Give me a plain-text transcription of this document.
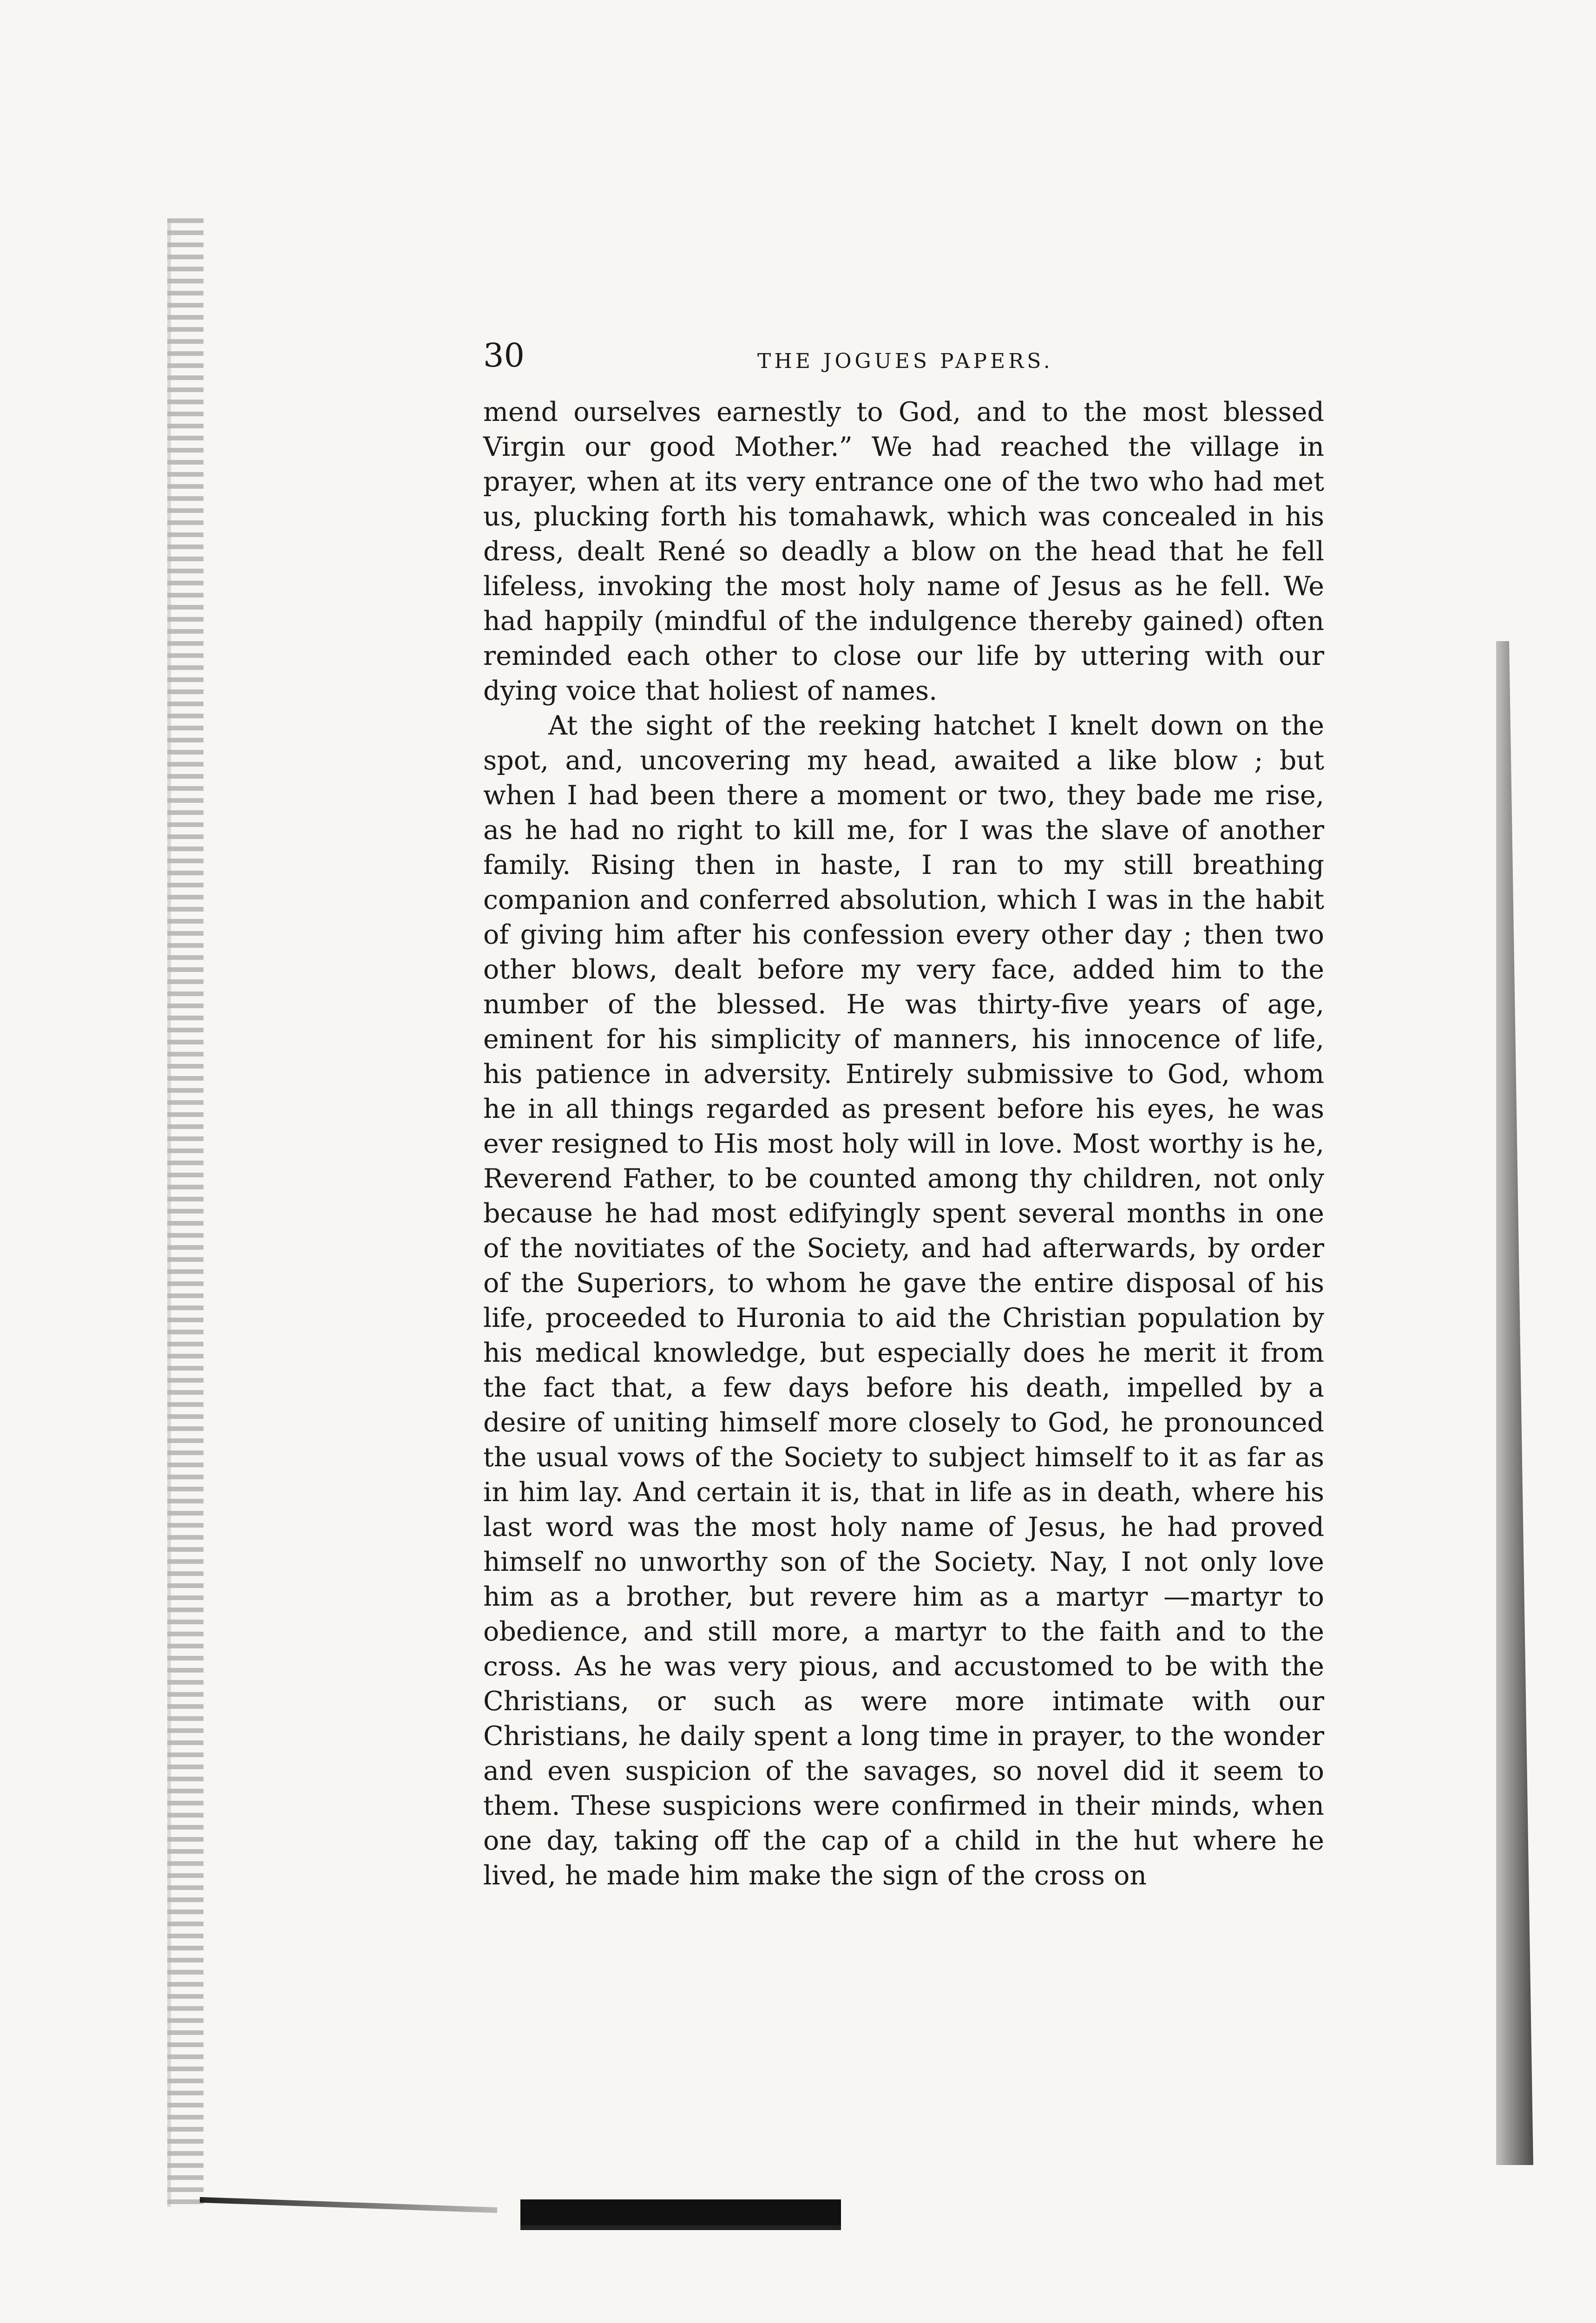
30	THE JOGUES PAPERS.

mend ourselves earnestly to God, and to the most blessed Virgin our good Mother.” We had reached the village in prayer, when at its very entrance one of the two who had met us, plucking forth his tomahawk, which was concealed in his dress, dealt René so deadly a blow on the head that he fell lifeless, invoking the most holy name of Jesus as he fell. We had happily (mindful of the indulgence thereby gained) often reminded each other to close our life by uttering with our dying voice that holiest of names.

At the sight of the reeking hatchet I knelt down on the spot, and, uncovering my head, awaited a like blow ; but when I had been there a moment or two, they bade me rise, as he had no right to kill me, for I was the slave of another family. Rising then in haste, I ran to my still breathing companion and conferred absolution, which I was in the habit of giving him after his confession every other day ; then two other blows, dealt before my very face, added him to the number of the blessed. He was thirty-five years of age, eminent for his simplicity of manners, his innocence of life, his patience in adversity. Entirely submissive to God, whom he in all things regarded as present before his eyes, he was ever resigned to His most holy will in love. Most worthy is he, Reverend Father, to be counted among thy children, not only because he had most edifyingly spent several months in one of the novitiates of the Society, and had afterwards, by order of the Superiors, to whom he gave the entire disposal of his life, proceeded to Huronia to aid the Christian population by his medical knowledge, but especially does he merit it from the fact that, a few days before his death, impelled by a desire of uniting himself more closely to God, he pronounced the usual vows of the Society to subject himself to it as far as in him lay. And certain it is, that in life as in death, where his last word was the most holy name of Jesus, he had proved himself no unworthy son of the Society. Nay, I not only love him as a brother, but revere him as a martyr —martyr to obedience, and still more, a martyr to the faith and to the cross. As he was very pious, and accustomed to be with the Christians, or such as were more intimate with our Christians, he daily spent a long time in prayer, to the wonder and even suspicion of the savages, so novel did it seem to them. These suspicions were confirmed in their minds, when one day, taking off the cap of a child in the hut where he lived, he made him make the sign of the cross on
